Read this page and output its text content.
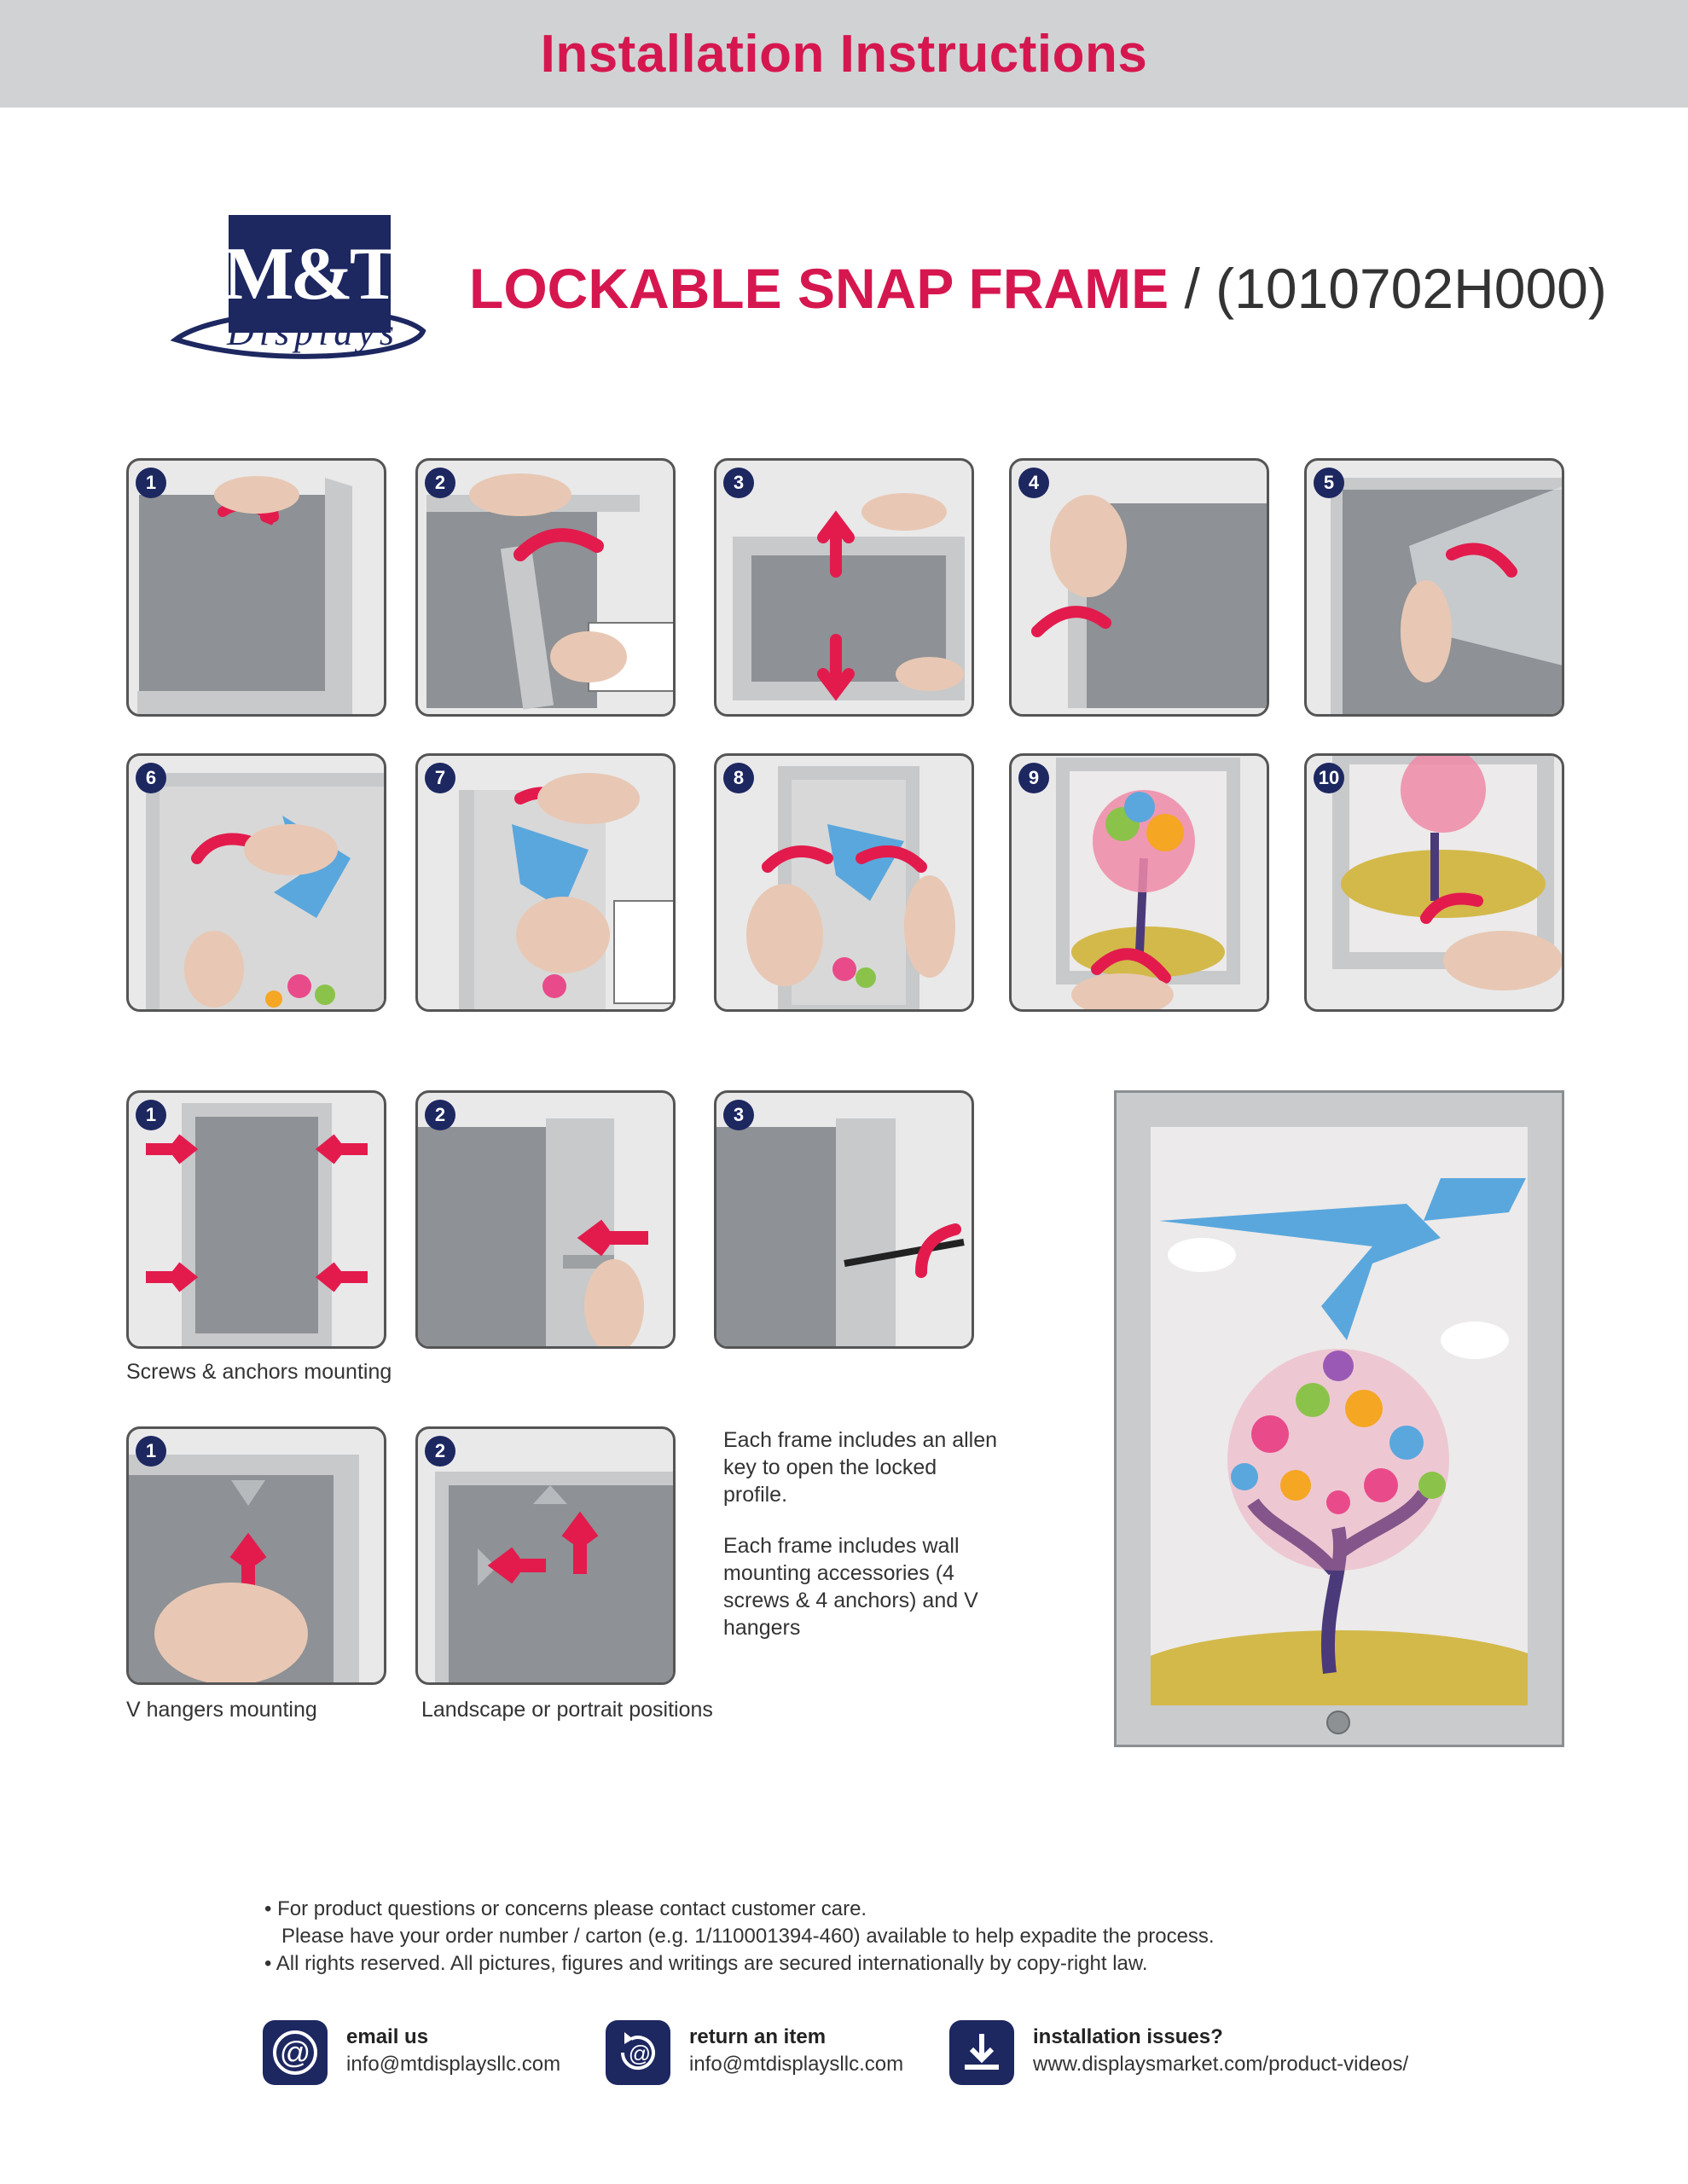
Installation Instructions
M&T
Displays
LOCKABLE SNAP FRAME / (1010702H000)
1	2	3	4	5
6	7	8	9	10
1	2	3
Screws & anchors mounting
1	2
V hangers mounting	Landscape or portrait positions

Each frame includes an allen key to open the locked profile.

Each frame includes wall mounting accessories (4 screws & 4 anchors) and V hangers

• For product questions or concerns please contact customer care.
Please have your order number / carton (e.g. 1/110001394-460) available to help expadite the process.
• All rights reserved. All pictures, figures and writings are secured internationally by copy-right law.
@ email us
info@mtdisplaysllc.com	@
return an item
info@mtdisplaysllc.com
installation issues?
www.displaysmarket.com/product-videos/
